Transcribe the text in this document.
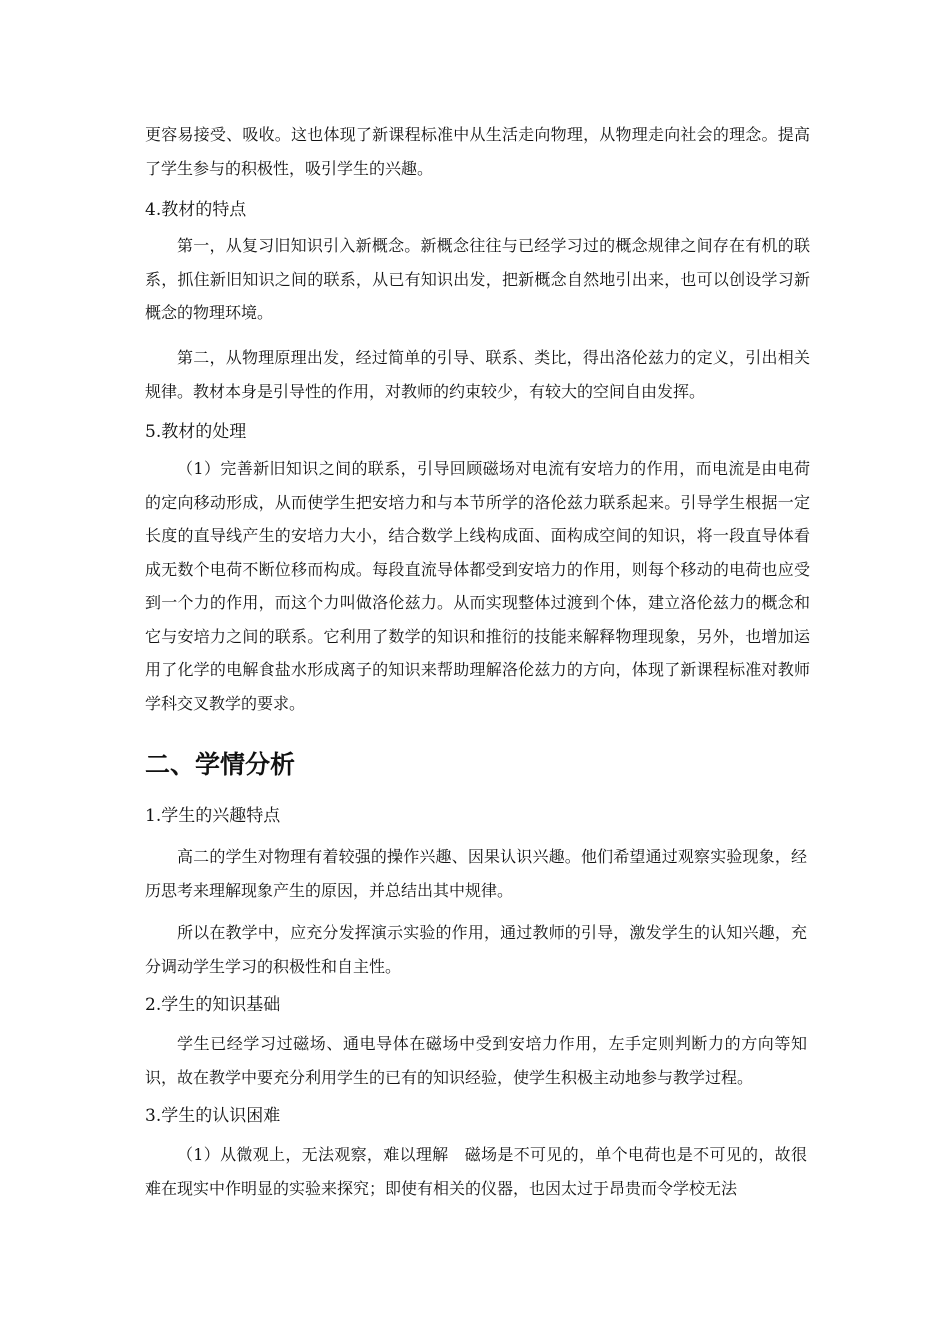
更容易接受、吸收。这也体现了新课程标准中从生活走向物理，从物理走向社会的理念。提高了学生参与的积极性，吸引学生的兴趣。

4.教材的特点

第一，从复习旧知识引入新概念。新概念往往与已经学习过的概念规律之间存在有机的联系，抓住新旧知识之间的联系，从已有知识出发，把新概念自然地引出来，也可以创设学习新概念的物理环境。

第二，从物理原理出发，经过简单的引导、联系、类比，得出洛伦兹力的定义，引出相关规律。教材本身是引导性的作用，对教师的约束较少，有较大的空间自由发挥。

5.教材的处理

（1）完善新旧知识之间的联系，引导回顾磁场对电流有安培力的作用，而电流是由电荷的定向移动形成，从而使学生把安培力和与本节所学的洛伦兹力联系起来。引导学生根据一定长度的直导线产生的安培力大小，结合数学上线构成面、面构成空间的知识，将一段直导体看成无数个电荷不断位移而构成。每段直流导体都受到安培力的作用，则每个移动的电荷也应受到一个力的作用，而这个力叫做洛伦兹力。从而实现整体过渡到个体，建立洛伦兹力的概念和它与安培力之间的联系。它利用了数学的知识和推衍的技能来解释物理现象，另外，也增加运用了化学的电解食盐水形成离子的知识来帮助理解洛伦兹力的方向，体现了新课程标准对教师学科交叉教学的要求。

二、学情分析

1.学生的兴趣特点

高二的学生对物理有着较强的操作兴趣、因果认识兴趣。他们希望通过观察实验现象，经历思考来理解现象产生的原因，并总结出其中规律。

所以在教学中，应充分发挥演示实验的作用，通过教师的引导，激发学生的认知兴趣，充分调动学生学习的积极性和自主性。

2.学生的知识基础

学生已经学习过磁场、通电导体在磁场中受到安培力作用，左手定则判断力的方向等知识，故在教学中要充分利用学生的已有的知识经验，使学生积极主动地参与教学过程。

3.学生的认识困难

（1）从微观上，无法观察，难以理解　磁场是不可见的，单个电荷也是不可见的，故很难在现实中作明显的实验来探究；即使有相关的仪器，也因太过于昂贵而令学校无法
